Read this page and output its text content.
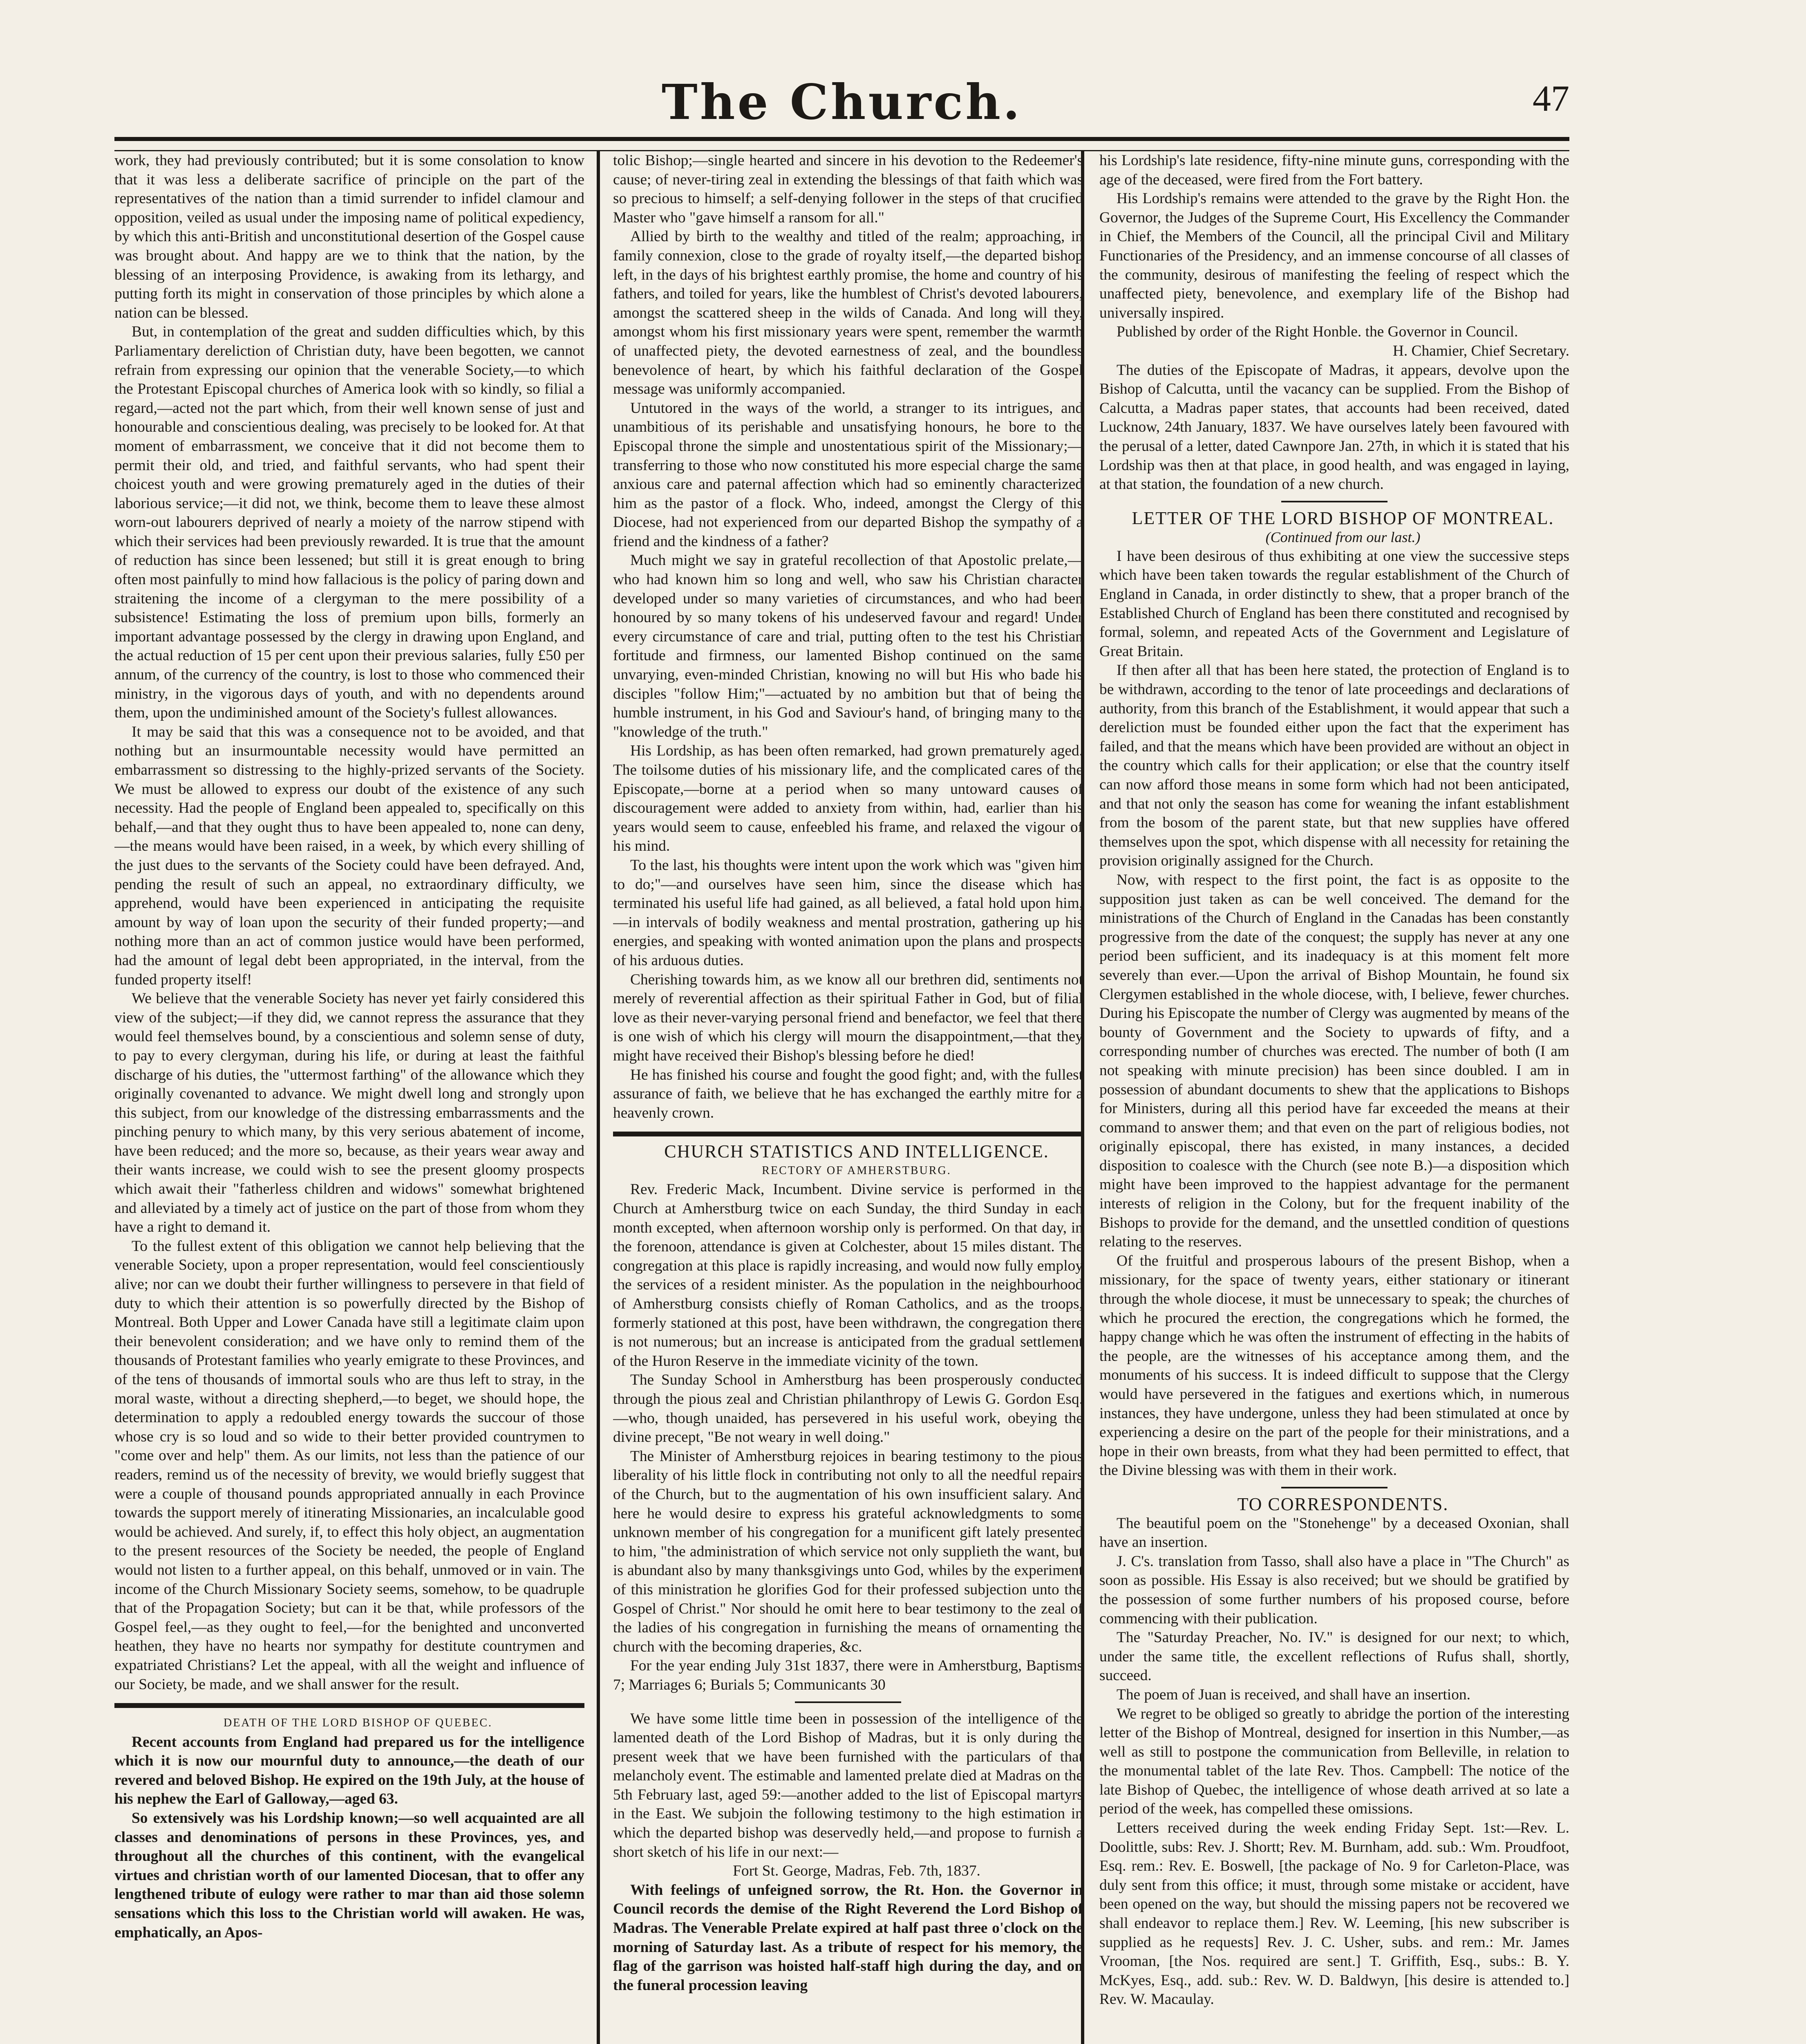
The Church.	47

work, they had previously contributed; but it is some consolation to know that it was less a deliberate sacrifice of principle on the part of the representatives of the nation than a timid surrender to infidel clamour and opposition, veiled as usual under the imposing name of political expediency, by which this anti-British and unconstitutional desertion of the Gospel cause was brought about. And happy are we to think that the nation, by the blessing of an interposing Providence, is awaking from its lethargy, and putting forth its might in conservation of those principles by which alone a nation can be blessed.

But, in contemplation of the great and sudden difficulties which, by this Parliamentary dereliction of Christian duty, have been begotten, we cannot refrain from expressing our opinion that the venerable Society,—to which the Protestant Episcopal churches of America look with so kindly, so filial a regard,—acted not the part which, from their well known sense of just and honourable and conscientious dealing, was precisely to be looked for. At that moment of embarrassment, we conceive that it did not become them to permit their old, and tried, and faithful servants, who had spent their choicest youth and were growing prematurely aged in the duties of their laborious service;—it did not, we think, become them to leave these almost worn-out labourers deprived of nearly a moiety of the narrow stipend with which their services had been previously rewarded. It is true that the amount of reduction has since been lessened; but still it is great enough to bring often most painfully to mind how fallacious is the policy of paring down and straitening the income of a clergyman to the mere possibility of a subsistence! Estimating the loss of premium upon bills, formerly an important advantage possessed by the clergy in drawing upon England, and the actual reduction of 15 per cent upon their previous salaries, fully £50 per annum, of the currency of the country, is lost to those who commenced their ministry, in the vigorous days of youth, and with no dependents around them, upon the undiminished amount of the Society's fullest allowances.

It may be said that this was a consequence not to be avoided, and that nothing but an insurmountable necessity would have permitted an embarrassment so distressing to the highly-prized servants of the Society. We must be allowed to express our doubt of the existence of any such necessity. Had the people of England been appealed to, specifically on this behalf,—and that they ought thus to have been appealed to, none can deny,—the means would have been raised, in a week, by which every shilling of the just dues to the servants of the Society could have been defrayed. And, pending the result of such an appeal, no extraordinary difficulty, we apprehend, would have been experienced in anticipating the requisite amount by way of loan upon the security of their funded property;—and nothing more than an act of common justice would have been performed, had the amount of legal debt been appropriated, in the interval, from the funded property itself!

We believe that the venerable Society has never yet fairly considered this view of the subject;—if they did, we cannot repress the assurance that they would feel themselves bound, by a conscientious and solemn sense of duty, to pay to every clergyman, during his life, or during at least the faithful discharge of his duties, the "uttermost farthing" of the allowance which they originally covenanted to advance. We might dwell long and strongly upon this subject, from our knowledge of the distressing embarrassments and the pinching penury to which many, by this very serious abatement of income, have been reduced; and the more so, because, as their years wear away and their wants increase, we could wish to see the present gloomy prospects which await their "fatherless children and widows" somewhat brightened and alleviated by a timely act of justice on the part of those from whom they have a right to demand it.

To the fullest extent of this obligation we cannot help believing that the venerable Society, upon a proper representation, would feel conscientiously alive; nor can we doubt their further willingness to persevere in that field of duty to which their attention is so powerfully directed by the Bishop of Montreal. Both Upper and Lower Canada have still a legitimate claim upon their benevolent consideration; and we have only to remind them of the thousands of Protestant families who yearly emigrate to these Provinces, and of the tens of thousands of immortal souls who are thus left to stray, in the moral waste, without a directing shepherd,—to beget, we should hope, the determination to apply a redoubled energy towards the succour of those whose cry is so loud and so wide to their better provided countrymen to "come over and help" them. As our limits, not less than the patience of our readers, remind us of the necessity of brevity, we would briefly suggest that were a couple of thousand pounds appropriated annually in each Province towards the support merely of itinerating Missionaries, an incalculable good would be achieved. And surely, if, to effect this holy object, an augmentation to the present resources of the Society be needed, the people of England would not listen to a further appeal, on this behalf, unmoved or in vain. The income of the Church Missionary Society seems, somehow, to be quadruple that of the Propagation Society; but can it be that, while professors of the Gospel feel,—as they ought to feel,—for the benighted and unconverted heathen, they have no hearts nor sympathy for destitute countrymen and expatriated Christians? Let the appeal, with all the weight and influence of our Society, be made, and we shall answer for the result.

DEATH OF THE LORD BISHOP OF QUEBEC.

Recent accounts from England had prepared us for the intelligence which it is now our mournful duty to announce,—the death of our revered and beloved Bishop. He expired on the 19th July, at the house of his nephew the Earl of Galloway,—aged 63.

So extensively was his Lordship known;—so well acquainted are all classes and denominations of persons in these Provinces, yes, and throughout all the churches of this continent, with the evangelical virtues and christian worth of our lamented Diocesan, that to offer any lengthened tribute of eulogy were rather to mar than aid those solemn sensations which this loss to the Christian world will awaken. He was, emphatically, an Apos-

tolic Bishop;—single hearted and sincere in his devotion to the Redeemer's cause; of never-tiring zeal in extending the blessings of that faith which was so precious to himself; a self-denying follower in the steps of that crucified Master who "gave himself a ransom for all."

Allied by birth to the wealthy and titled of the realm; approaching, in family connexion, close to the grade of royalty itself,—the departed bishop left, in the days of his brightest earthly promise, the home and country of his fathers, and toiled for years, like the humblest of Christ's devoted labourers, amongst the scattered sheep in the wilds of Canada. And long will they, amongst whom his first missionary years were spent, remember the warmth of unaffected piety, the devoted earnestness of zeal, and the boundless benevolence of heart, by which his faithful declaration of the Gospel message was uniformly accompanied.

Untutored in the ways of the world, a stranger to its intrigues, and unambitious of its perishable and unsatisfying honours, he bore to the Episcopal throne the simple and unostentatious spirit of the Missionary;—transferring to those who now constituted his more especial charge the same anxious care and paternal affection which had so eminently characterized him as the pastor of a flock. Who, indeed, amongst the Clergy of this Diocese, had not experienced from our departed Bishop the sympathy of a friend and the kindness of a father?

Much might we say in grateful recollection of that Apostolic prelate,—who had known him so long and well, who saw his Christian character developed under so many varieties of circumstances, and who had been honoured by so many tokens of his undeserved favour and regard! Under every circumstance of care and trial, putting often to the test his Christian fortitude and firmness, our lamented Bishop continued on the same unvarying, even-minded Christian, knowing no will but His who bade his disciples "follow Him;"—actuated by no ambition but that of being the humble instrument, in his God and Saviour's hand, of bringing many to the "knowledge of the truth."

His Lordship, as has been often remarked, had grown prematurely aged. The toilsome duties of his missionary life, and the complicated cares of the Episcopate,—borne at a period when so many untoward causes of discouragement were added to anxiety from within, had, earlier than his years would seem to cause, enfeebled his frame, and relaxed the vigour of his mind.

To the last, his thoughts were intent upon the work which was "given him to do;"—and ourselves have seen him, since the disease which has terminated his useful life had gained, as all believed, a fatal hold upon him,—in intervals of bodily weakness and mental prostration, gathering up his energies, and speaking with wonted animation upon the plans and prospects of his arduous duties.

Cherishing towards him, as we know all our brethren did, sentiments not merely of reverential affection as their spiritual Father in God, but of filial love as their never-varying personal friend and benefactor, we feel that there is one wish of which his clergy will mourn the disappointment,—that they might have received their Bishop's blessing before he died!

He has finished his course and fought the good fight; and, with the fullest assurance of faith, we believe that he has exchanged the earthly mitre for a heavenly crown.

CHURCH STATISTICS AND INTELLIGENCE.

RECTORY OF AMHERSTBURG.

Rev. Frederic Mack, Incumbent. Divine service is performed in the Church at Amherstburg twice on each Sunday, the third Sunday in each month excepted, when afternoon worship only is performed. On that day, in the forenoon, attendance is given at Colchester, about 15 miles distant. The congregation at this place is rapidly increasing, and would now fully employ the services of a resident minister. As the population in the neighbourhood of Amherstburg consists chiefly of Roman Catholics, and as the troops, formerly stationed at this post, have been withdrawn, the congregation there is not numerous; but an increase is anticipated from the gradual settlement of the Huron Reserve in the immediate vicinity of the town.

The Sunday School in Amherstburg has been prosperously conducted through the pious zeal and Christian philanthropy of Lewis G. Gordon Esq.—who, though unaided, has persevered in his useful work, obeying the divine precept, "Be not weary in well doing."

The Minister of Amherstburg rejoices in bearing testimony to the pious liberality of his little flock in contributing not only to all the needful repairs of the Church, but to the augmentation of his own insufficient salary. And here he would desire to express his grateful acknowledgments to some unknown member of his congregation for a munificent gift lately presented to him, "the administration of which service not only supplieth the want, but is abundant also by many thanksgivings unto God, whiles by the experiment of this ministration he glorifies God for their professed subjection unto the Gospel of Christ." Nor should he omit here to bear testimony to the zeal of the ladies of his congregation in furnishing the means of ornamenting the church with the becoming draperies, &c.

For the year ending July 31st 1837, there were in Amherstburg, Baptisms 7; Marriages 6; Burials 5; Communicants 30

We have some little time been in possession of the intelligence of the lamented death of the Lord Bishop of Madras, but it is only during the present week that we have been furnished with the particulars of that melancholy event. The estimable and lamented prelate died at Madras on the 5th February last, aged 59:—another added to the list of Episcopal martyrs in the East. We subjoin the following testimony to the high estimation in which the departed bishop was deservedly held,—and propose to furnish a short sketch of his life in our next:—

Fort St. George, Madras, Feb. 7th, 1837.

With feelings of unfeigned sorrow, the Rt. Hon. the Governor in Council records the demise of the Right Reverend the Lord Bishop of Madras. The Venerable Prelate expired at half past three o'clock on the morning of Saturday last. As a tribute of respect for his memory, the flag of the garrison was hoisted half-staff high during the day, and on the funeral procession leaving

his Lordship's late residence, fifty-nine minute guns, corresponding with the age of the deceased, were fired from the Fort battery.

His Lordship's remains were attended to the grave by the Right Hon. the Governor, the Judges of the Supreme Court, His Excellency the Commander in Chief, the Members of the Council, all the principal Civil and Military Functionaries of the Presidency, and an immense concourse of all classes of the community, desirous of manifesting the feeling of respect which the unaffected piety, benevolence, and exemplary life of the Bishop had universally inspired.

Published by order of the Right Honble. the Governor in Council.

H. Chamier, Chief Secretary.

The duties of the Episcopate of Madras, it appears, devolve upon the Bishop of Calcutta, until the vacancy can be supplied. From the Bishop of Calcutta, a Madras paper states, that accounts had been received, dated Lucknow, 24th January, 1837. We have ourselves lately been favoured with the perusal of a letter, dated Cawnpore Jan. 27th, in which it is stated that his Lordship was then at that place, in good health, and was engaged in laying, at that station, the foundation of a new church.

LETTER OF THE LORD BISHOP OF MONTREAL.

(Continued from our last.)

I have been desirous of thus exhibiting at one view the successive steps which have been taken towards the regular establishment of the Church of England in Canada, in order distinctly to shew, that a proper branch of the Established Church of England has been there constituted and recognised by formal, solemn, and repeated Acts of the Government and Legislature of Great Britain.

If then after all that has been here stated, the protection of England is to be withdrawn, according to the tenor of late proceedings and declarations of authority, from this branch of the Establishment, it would appear that such a dereliction must be founded either upon the fact that the experiment has failed, and that the means which have been provided are without an object in the country which calls for their application; or else that the country itself can now afford those means in some form which had not been anticipated, and that not only the season has come for weaning the infant establishment from the bosom of the parent state, but that new supplies have offered themselves upon the spot, which dispense with all necessity for retaining the provision originally assigned for the Church.

Now, with respect to the first point, the fact is as opposite to the supposition just taken as can be well conceived. The demand for the ministrations of the Church of England in the Canadas has been constantly progressive from the date of the conquest; the supply has never at any one period been sufficient, and its inadequacy is at this moment felt more severely than ever.—Upon the arrival of Bishop Mountain, he found six Clergymen established in the whole diocese, with, I believe, fewer churches. During his Episcopate the number of Clergy was augmented by means of the bounty of Government and the Society to upwards of fifty, and a corresponding number of churches was erected. The number of both (I am not speaking with minute precision) has been since doubled. I am in possession of abundant documents to shew that the applications to Bishops for Ministers, during all this period have far exceeded the means at their command to answer them; and that even on the part of religious bodies, not originally episcopal, there has existed, in many instances, a decided disposition to coalesce with the Church (see note B.)—a disposition which might have been improved to the happiest advantage for the permanent interests of religion in the Colony, but for the frequent inability of the Bishops to provide for the demand, and the unsettled condition of questions relating to the reserves.

Of the fruitful and prosperous labours of the present Bishop, when a missionary, for the space of twenty years, either stationary or itinerant through the whole diocese, it must be unnecessary to speak; the churches of which he procured the erection, the congregations which he formed, the happy change which he was often the instrument of effecting in the habits of the people, are the witnesses of his acceptance among them, and the monuments of his success. It is indeed difficult to suppose that the Clergy would have persevered in the fatigues and exertions which, in numerous instances, they have undergone, unless they had been stimulated at once by experiencing a desire on the part of the people for their ministrations, and a hope in their own breasts, from what they had been permitted to effect, that the Divine blessing was with them in their work.

TO CORRESPONDENTS.

The beautiful poem on the "Stonehenge" by a deceased Oxonian, shall have an insertion.

J. C's. translation from Tasso, shall also have a place in "The Church" as soon as possible. His Essay is also received; but we should be gratified by the possession of some further numbers of his proposed course, before commencing with their publication.

The "Saturday Preacher, No. IV." is designed for our next; to which, under the same title, the excellent reflections of Rufus shall, shortly, succeed.

The poem of Juan is received, and shall have an insertion.

We regret to be obliged so greatly to abridge the portion of the interesting letter of the Bishop of Montreal, designed for insertion in this Number,—as well as still to postpone the communication from Belleville, in relation to the monumental tablet of the late Rev. Thos. Campbell: The notice of the late Bishop of Quebec, the intelligence of whose death arrived at so late a period of the week, has compelled these omissions.

Letters received during the week ending Friday Sept. 1st:—Rev. L. Doolittle, subs: Rev. J. Shortt; Rev. M. Burnham, add. sub.: Wm. Proudfoot, Esq. rem.: Rev. E. Boswell, [the package of No. 9 for Carleton-Place, was duly sent from this office; it must, through some mistake or accident, have been opened on the way, but should the missing papers not be recovered we shall endeavor to replace them.] Rev. W. Leeming, [his new subscriber is supplied as he requests] Rev. J. C. Usher, subs. and rem.: Mr. James Vrooman, [the Nos. required are sent.] T. Griffith, Esq., subs.: B. Y. McKyes, Esq., add. sub.: Rev. W. D. Baldwyn, [his desire is attended to.] Rev. W. Macaulay.
